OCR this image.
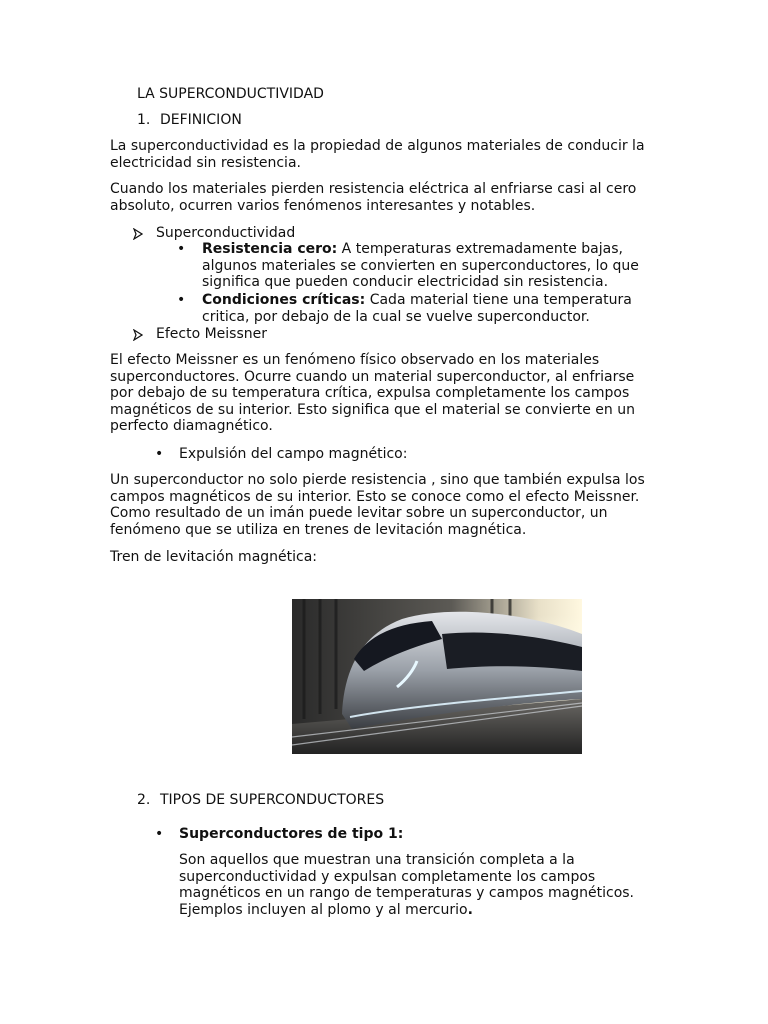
LA SUPERCONDUCTIVIDAD

1. DEFINICION

La superconductividad es la propiedad de algunos materiales de conducir la electricidad sin resistencia.

Cuando los materiales pierden resistencia eléctrica al enfriarse casi al cero absoluto, ocurren varios fenómenos interesantes y notables.

Superconductividad
• Resistencia cero: A temperaturas extremadamente bajas, algunos materiales se convierten en superconductores, lo que significa que pueden conducir electricidad sin resistencia.

• Condiciones críticas: Cada material tiene una temperatura critica, por debajo de la cual se vuelve superconductor.

Efecto Meissner

El efecto Meissner es un fenómeno físico observado en los materiales superconductores. Ocurre cuando un material superconductor, al enfriarse por debajo de su temperatura crítica, expulsa completamente los campos magnéticos de su interior. Esto significa que el material se convierte en un perfecto diamagnético.

•	Expulsión del campo magnético:

Un superconductor no solo pierde resistencia , sino que también expulsa los campos magnéticos de su interior. Esto se conoce como el efecto Meissner. Como resultado de un imán puede levitar sobre un superconductor, un fenómeno que se utiliza en trenes de levitación magnética.

Tren de levitación magnética:

2. TIPOS DE SUPERCONDUCTORES
•	Superconductores de tipo 1:

Son aquellos que muestran una transición completa a la superconductividad y expulsan completamente los campos magnéticos en un rango de temperaturas y campos magnéticos. Ejemplos incluyen al plomo y al mercurio.
